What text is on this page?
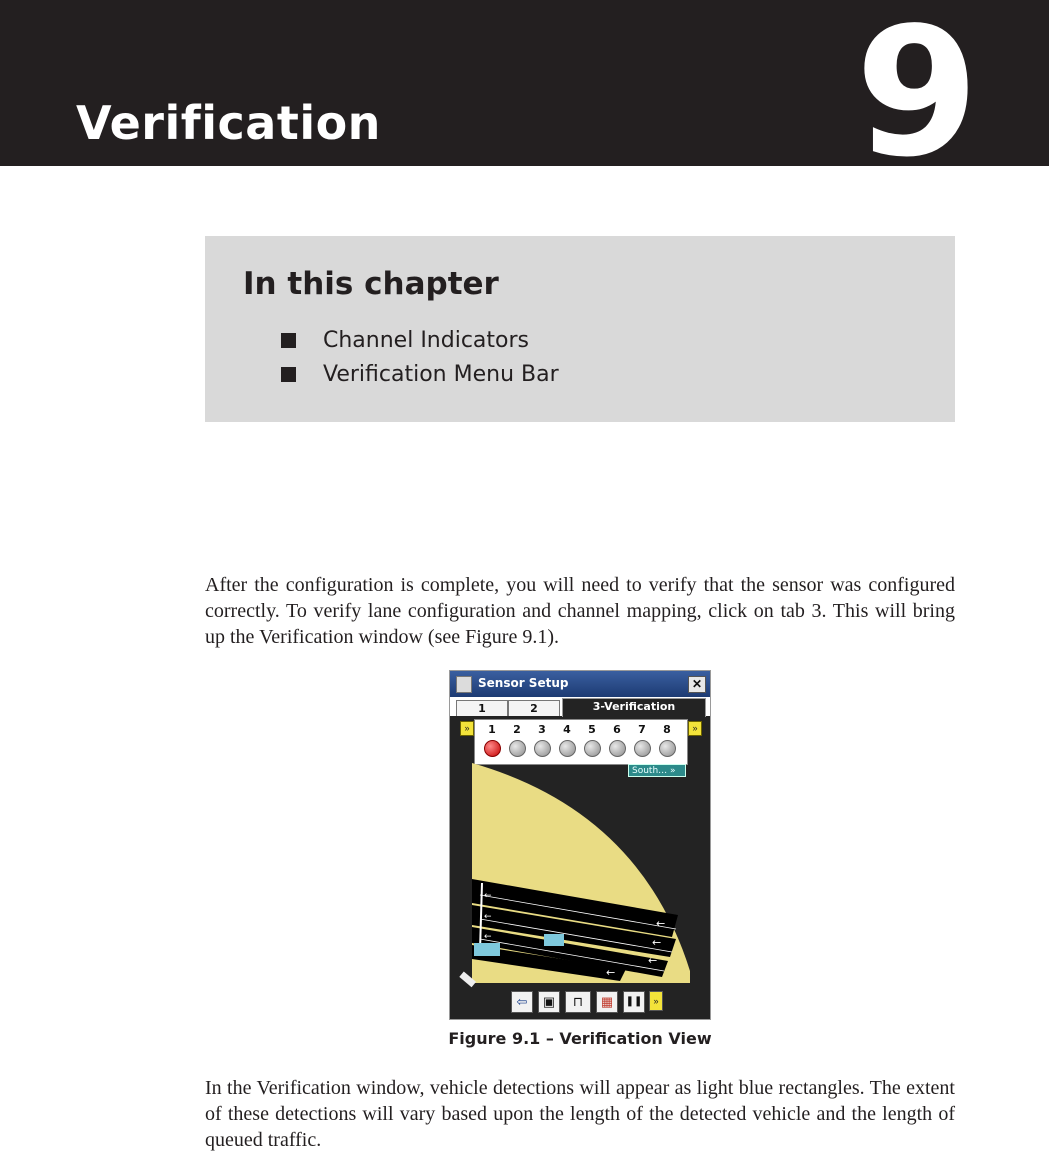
Verification	9
In this chapter
Channel Indicators
Verification Menu Bar

After the configuration is complete, you will need to verify that the sensor was configured correctly. To verify lane configuration and channel mapping, click on tab 3. This will bring up the Verification window (see Figure 9.1).

Sensor Setup	✕
1	2	3-Verification
»	»
1	2	3	4	5	6	7	8
South… »
←
←
←
←
←
←
←
⇦	▣	⊓	▦	❚❚	»
Figure 9.1 – Verification View

In the Verification window, vehicle detections will appear as light blue rectangles. The extent of these detections will vary based upon the length of the detected vehicle and the length of queued traffic.
